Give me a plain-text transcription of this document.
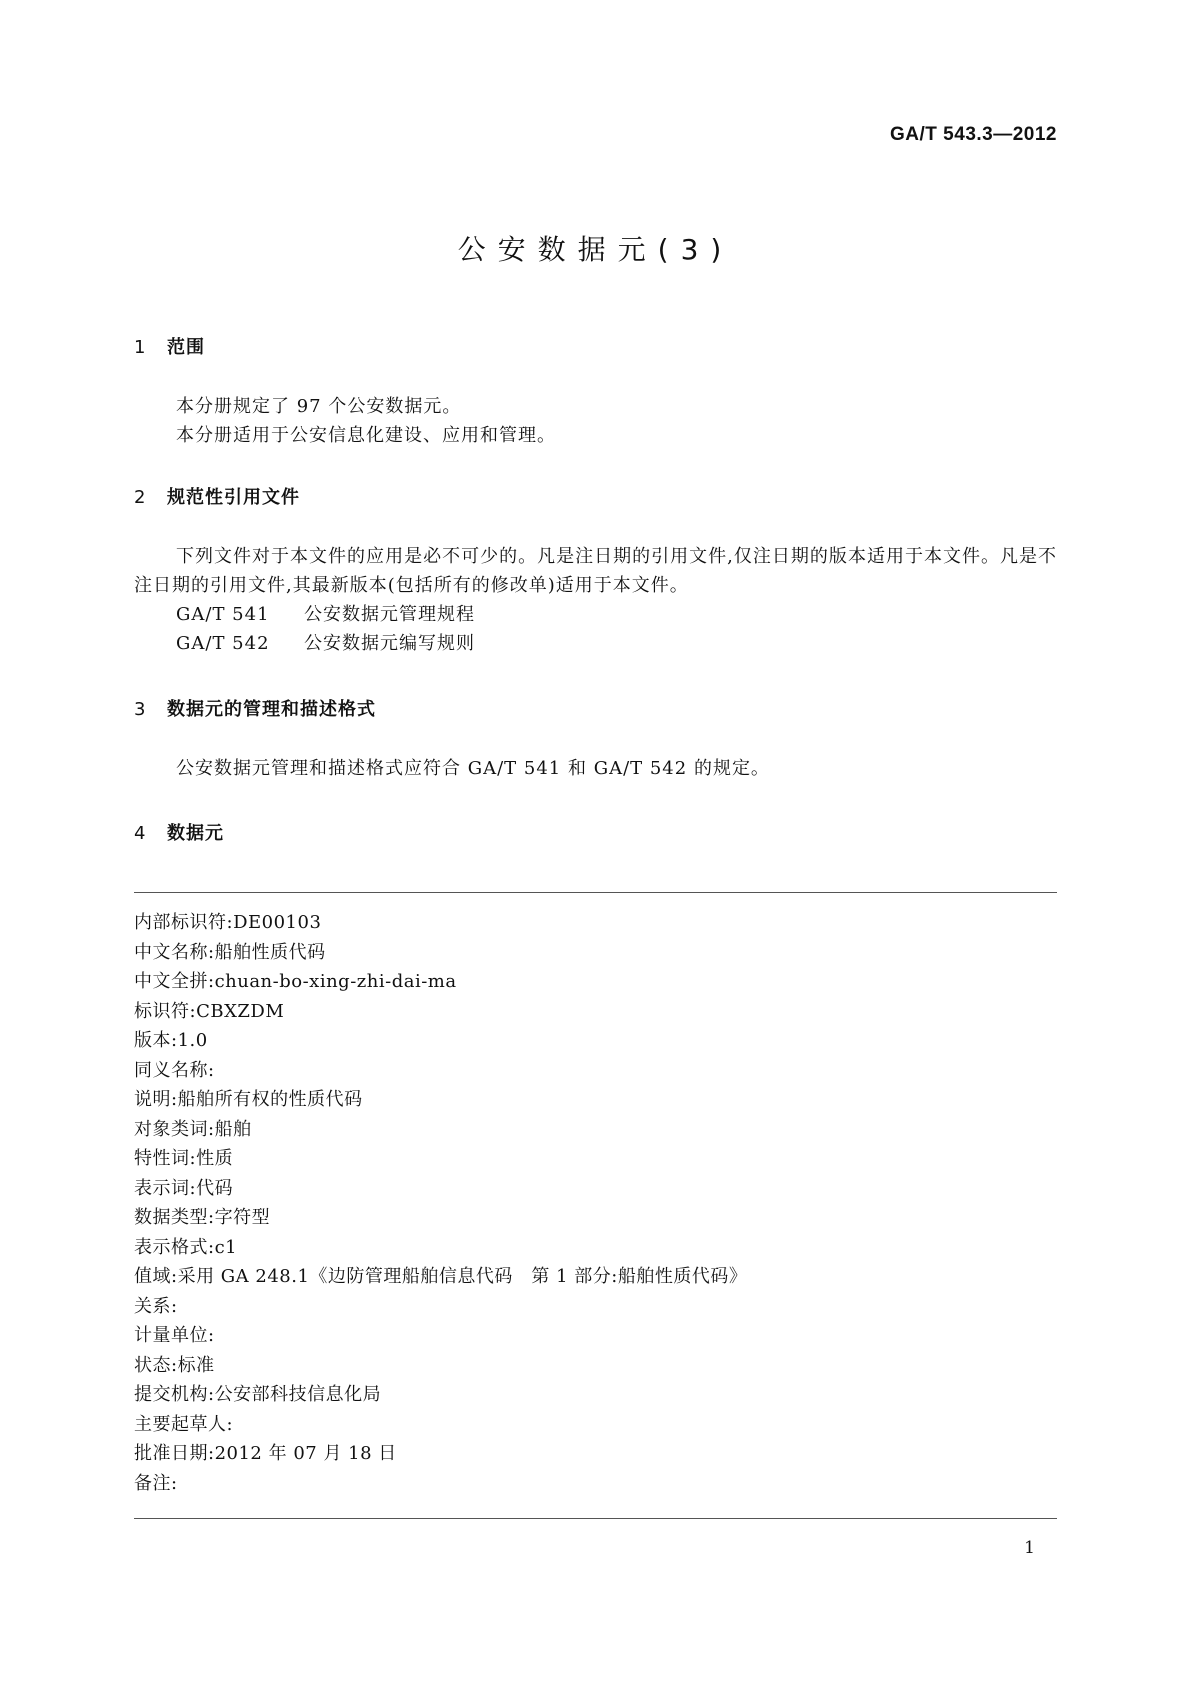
GA/T 543.3—2012
公安数据元(3)
1 范围

本分册规定了 97 个公安数据元。

本分册适用于公安信息化建设、应用和管理。

2 规范性引用文件

下列文件对于本文件的应用是必不可少的。凡是注日期的引用文件,仅注日期的版本适用于本文件。凡是不注日期的引用文件,其最新版本(包括所有的修改单)适用于本文件。

GA/T 541 公安数据元管理规程
GA/T 542 公安数据元编写规则
3 数据元的管理和描述格式

公安数据元管理和描述格式应符合 GA/T 541 和 GA/T 542 的规定。

4 数据元
内部标识符:DE00103
中文名称:船舶性质代码
中文全拼:chuan-bo-xing-zhi-dai-ma
标识符:CBXZDM
版本:1.0
同义名称:
说明:船舶所有权的性质代码
对象类词:船舶
特性词:性质
表示词:代码
数据类型:字符型
表示格式:c1
值域:采用 GA 248.1《边防管理船舶信息代码　第 1 部分:船舶性质代码》
关系:
计量单位:
状态:标准
提交机构:公安部科技信息化局
主要起草人:
批准日期:2012 年 07 月 18 日
备注:
1
